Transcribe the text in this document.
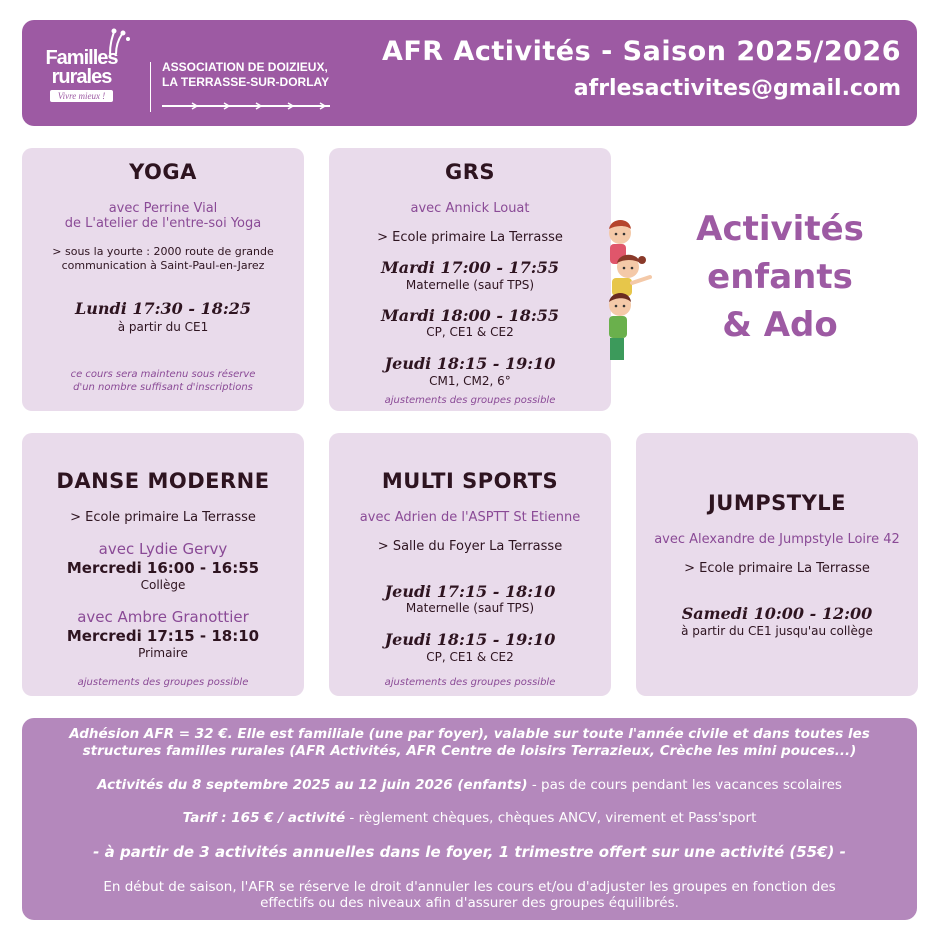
Familles
rurales
Vivre mieux !
ASSOCIATION DE DOIZIEUX,
LA TERRASSE-SUR-DORLAY
AFR Activités - Saison 2025/2026
afrlesactivites@gmail.com
YOGA
avec Perrine Vial
de L'atelier de l'entre-soi Yoga
> sous la yourte : 2000 route de grande
communication à Saint-Paul-en-Jarez
Lundi 17:30 - 18:25
à partir du CE1
ce cours sera maintenu sous réserve
d'un nombre suffisant d'inscriptions
GRS
avec Annick Louat
> Ecole primaire La Terrasse
Mardi 17:00 - 17:55
Maternelle (sauf TPS)
Mardi 18:00 - 18:55
CP, CE1 & CE2
Jeudi 18:15 - 19:10
CM1, CM2, 6°
ajustements des groupes possible
Activités
enfants
& Ado
DANSE MODERNE
> Ecole primaire La Terrasse
avec Lydie Gervy
Mercredi 16:00 - 16:55
Collège
avec Ambre Granottier
Mercredi 17:15 - 18:10
Primaire
ajustements des groupes possible
MULTI SPORTS
avec Adrien de l'ASPTT St Etienne
> Salle du Foyer La Terrasse
Jeudi 17:15 - 18:10
Maternelle (sauf TPS)
Jeudi 18:15 - 19:10
CP, CE1 & CE2
ajustements des groupes possible
JUMPSTYLE
avec Alexandre de Jumpstyle Loire 42
> Ecole primaire La Terrasse
Samedi 10:00 - 12:00
à partir du CE1 jusqu'au collège

Adhésion AFR = 32 €. Elle est familiale (une par foyer), valable sur toute l'année civile et dans toutes les

structures familles rurales (AFR Activités, AFR Centre de loisirs Terrazieux, Crèche les mini pouces...)

Activités du 8 septembre 2025 au 12 juin 2026 (enfants) - pas de cours pendant les vacances scolaires

Tarif : 165 € / activité - règlement chèques, chèques ANCV, virement et Pass'sport

- à partir de 3 activités annuelles dans le foyer, 1 trimestre offert sur une activité (55€) -

En début de saison, l'AFR se réserve le droit d'annuler les cours et/ou d'adjuster les groupes en fonction des

effectifs ou des niveaux afin d'assurer des groupes équilibrés.
